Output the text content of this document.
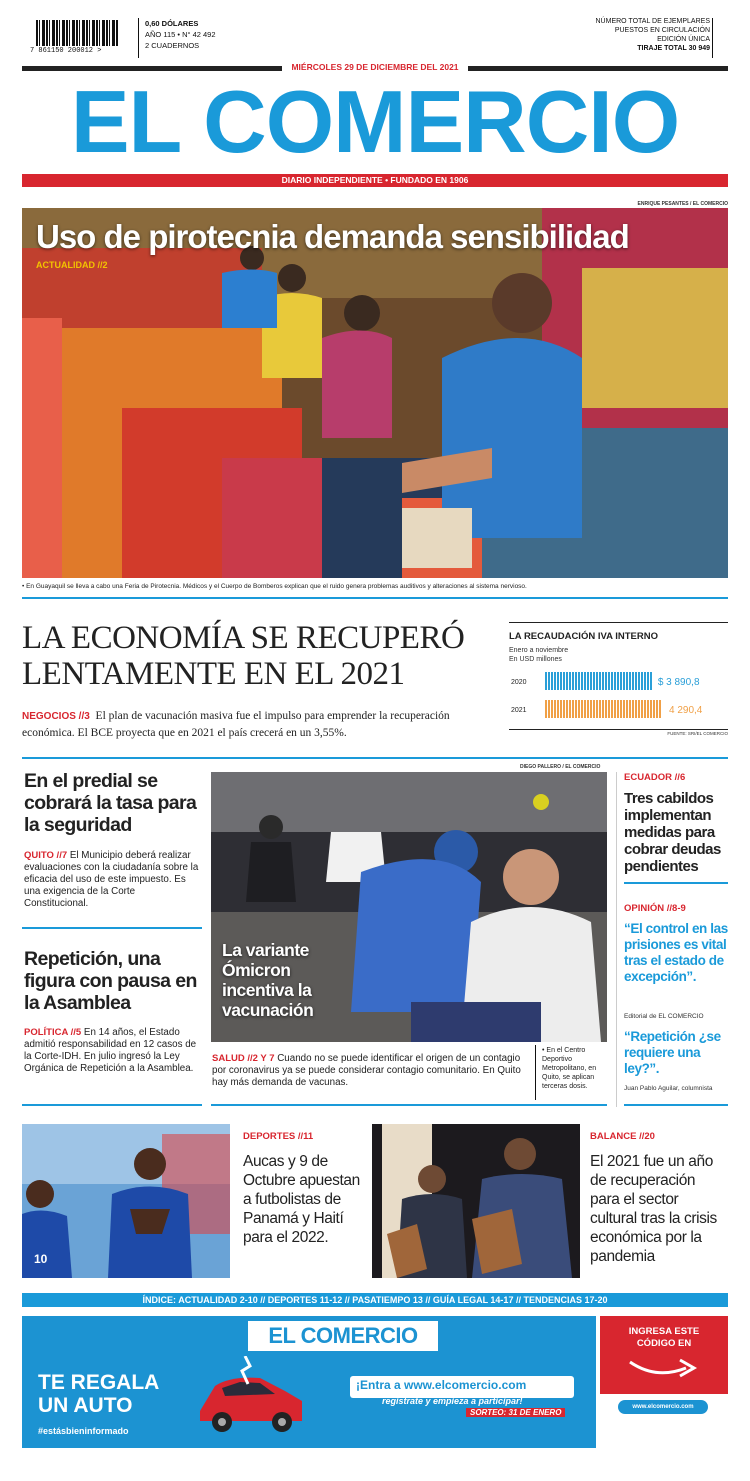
7 861150 200012 >
0,60 DÓLARES
AÑO 115 • N° 42 492
2 CUADERNOS
NÚMERO TOTAL DE EJEMPLARES
PUESTOS EN CIRCULACIÓN
EDICIÓN ÚNICA
TIRAJE TOTAL 30 949
MIÉRCOLES 29 DE DICIEMBRE DEL 2021
EL COMERCIO
DIARIO INDEPENDIENTE • FUNDADO EN 1906
ENRIQUE PESANTES / EL COMERCIO
Uso de pirotecnia demanda sensibilidad
ACTUALIDAD //2
• En Guayaquil se lleva a cabo una Feria de Pirotecnia. Médicos y el Cuerpo de Bomberos explican que el ruido genera problemas auditivos y alteraciones al sistema nervioso.
LA ECONOMÍA SE RECUPERÓ LENTAMENTE EN EL 2021
NEGOCIOS //3 El plan de vacunación masiva fue el impulso para emprender la recuperación económica. El BCE proyecta que en 2021 el país crecerá en un 3,55%.
LA RECAUDACIÓN IVA INTERNO
Enero a noviembre
En USD millones
2020	$ 3 890,8
2021	4 290,4
FUENTE: SRI/EL COMERCIO
En el predial se cobrará la tasa para la seguridad
QUITO //7 El Municipio deberá realizar evaluaciones con la ciudadanía sobre la eficacia del uso de este impuesto. Es una exigencia de la Corte Constitucional.
Repetición, una figura con pausa en la Asamblea
POLÍTICA //5 En 14 años, el Estado admitió responsabilidad en 12 casos de la Corte-IDH. En julio ingresó la Ley Orgánica de Repetición a la Asamblea.
DIEGO PALLERO / EL COMERCIO
La variante Ómicron incentiva la vacunación
SALUD //2 Y 7 Cuando no se puede identificar el origen de un contagio por coronavirus ya se puede considerar contagio comunitario. En Quito hay más demanda de vacunas.
• En el Centro Deportivo Metropolitano, en Quito, se aplican terceras dosis.
ECUADOR //6
Tres cabildos implementan medidas para cobrar deudas pendientes
OPINIÓN //8-9
“El control en las prisiones es vital tras el estado de excepción”.
Editorial de EL COMERCIO
“Repetición ¿se requiere una ley?”.
Juan Pablo Aguilar, columnista
10
DEPORTES //11
Aucas y 9 de Octubre apuestan a futbolistas de Panamá y Haití para el 2022.
BALANCE //20
El 2021 fue un año de recuperación para el sector cultural tras la crisis económica por la pandemia
ÍNDICE: ACTUALIDAD 2-10 // DEPORTES 11-12 // PASATIEMPO 13 // GUÍA LEGAL 14-17 // TENDENCIAS 17-20
EL COMERCIO
TE REGALA
UN AUTO
#estásbieninformado
¡Entra a www.elcomercio.com
regístrate y empieza a participar!
SORTEO: 31 DE ENERO
INGRESA ESTE
CÓDIGO EN
www.elcomercio.com
